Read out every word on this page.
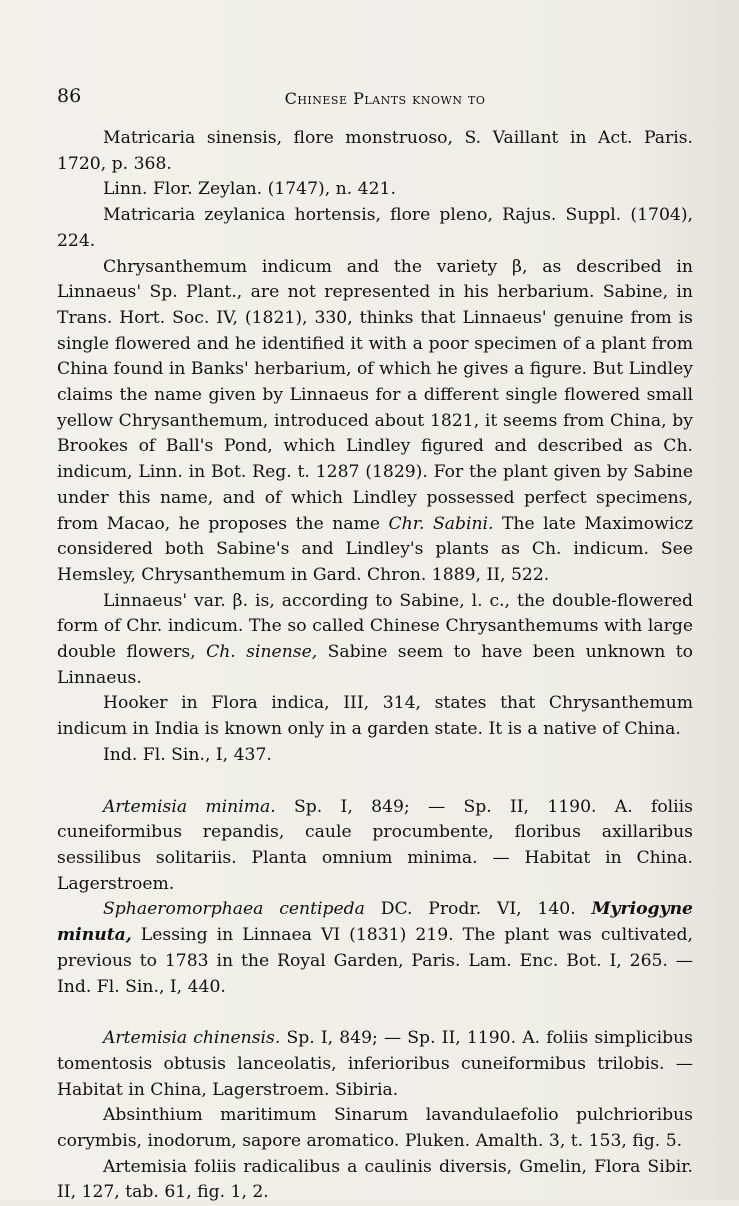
86	Chinese Plants known to

Matricaria sinensis, flore monstruoso, S. Vaillant in Act. Paris. 1720, p. 368.

Linn. Flor. Zeylan. (1747), n. 421.

Matricaria zeylanica hortensis, flore pleno, Rajus. Suppl. (1704), 224.

Chrysanthemum indicum and the variety β, as described in Linnaeus' Sp. Plant., are not represented in his herbarium. Sabine, in Trans. Hort. Soc. IV, (1821), 330, thinks that Linnaeus' genuine from is single flowered and he identified it with a poor specimen of a plant from China found in Banks' herbarium, of which he gives a figure. But Lindley claims the name given by Linnaeus for a different single flowered small yellow Chrysanthemum, introduced about 1821, it seems from China, by Brookes of Ball's Pond, which Lindley figured and described as Ch. indicum, Linn. in Bot. Reg. t. 1287 (1829). For the plant given by Sabine under this name, and of which Lindley possessed perfect specimens, from Macao, he proposes the name Chr. Sabini. The late Maximowicz considered both Sabine's and Lindley's plants as Ch. indicum. See Hemsley, Chrysanthemum in Gard. Chron. 1889, II, 522.

Linnaeus' var. β. is, according to Sabine, l. c., the double-flowered form of Chr. indicum. The so called Chinese Chrysanthemums with large double flowers, Ch. sinense, Sabine seem to have been unknown to Linnaeus.

Hooker in Flora indica, III, 314, states that Chrysanthemum indicum in India is known only in a garden state. It is a native of China.

Ind. Fl. Sin., I, 437.

Artemisia minima. Sp. I, 849; — Sp. II, 1190. A. foliis cuneiformibus repandis, caule procumbente, floribus axillaribus sessilibus solitariis. Planta omnium minima. — Habitat in China. Lagerstroem.

Sphaeromorphaea centipeda DC. Prodr. VI, 140. Myriogyne minuta, Lessing in Linnaea VI (1831) 219. The plant was cultivated, previous to 1783 in the Royal Garden, Paris. Lam. Enc. Bot. I, 265. — Ind. Fl. Sin., I, 440.

Artemisia chinensis. Sp. I, 849; — Sp. II, 1190. A. foliis simplicibus tomentosis obtusis lanceolatis, inferioribus cuneiformibus trilobis. — Habitat in China, Lagerstroem. Sibiria.

Absinthium maritimum Sinarum lavandulaefolio pulchrioribus corymbis, inodorum, sapore aromatico. Pluken. Amalth. 3, t. 153, fig. 5.

Artemisia foliis radicalibus a caulinis diversis, Gmelin, Flora Sibir. II, 127, tab. 61, fig. 1, 2.
